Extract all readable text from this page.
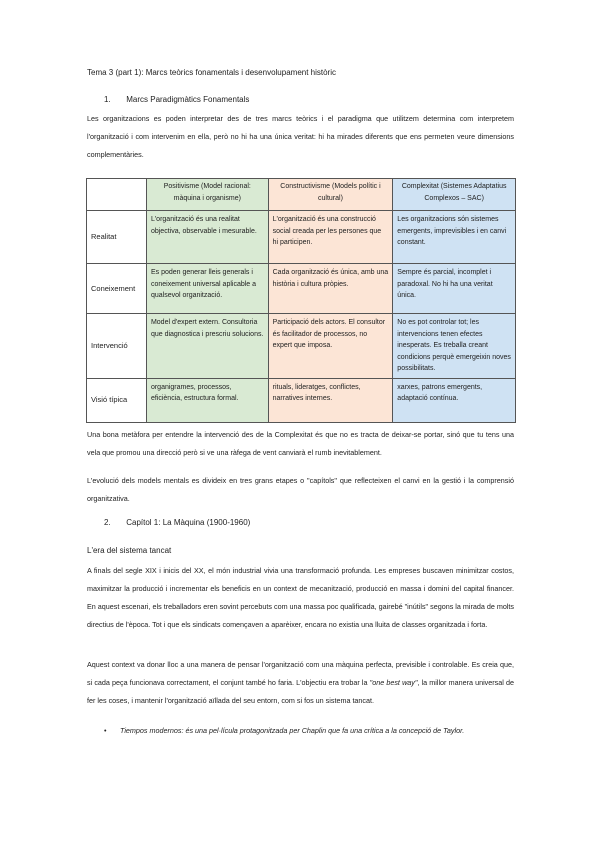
Tema 3 (part 1): Marcs teòrics fonamentals i desenvolupament històric
1. Marcs Paradigmàtics Fonamentals
Les organitzacions es poden interpretar des de tres marcs teòrics i el paradigma que utilitzem determina com interpretem l'organització i com intervenim en ella, però no hi ha una única veritat: hi ha mirades diferents que ens permeten veure dimensions complementàries.
	Positivisme (Model racional: màquina i organisme)	Constructivisme (Models polític i cultural)	Complexitat (Sistemes Adaptatius Complexos – SAC)
Realitat	L'organització és una realitat objectiva, observable i mesurable.	L'organització és una construcció social creada per les persones que hi participen.	Les organitzacions són sistemes emergents, imprevisibles i en canvi constant.
Coneixement	Es poden generar lleis generals i coneixement universal aplicable a qualsevol organització.	Cada organització és única, amb una història i cultura pròpies.	Sempre és parcial, incomplet i paradoxal. No hi ha una veritat única.
Intervenció	Model d'expert extern. Consultoria que diagnostica i prescriu solucions.	Participació dels actors. El consultor és facilitador de processos, no expert que imposa.	No es pot controlar tot; les intervencions tenen efectes inesperats. Es treballa creant condicions perquè emergeixin noves possibilitats.
Visió típica	organigrames, processos, eficiència, estructura formal.	rituals, lideratges, conflictes, narratives internes.	xarxes, patrons emergents, adaptació contínua.
Una bona metàfora per entendre la intervenció des de la Complexitat és que no es tracta de deixar-se portar, sinó que tu tens una vela que promou una direcció però si ve una ràfega de vent canviarà el rumb inevitablement.
L'evolució dels models mentals es divideix en tres grans etapes o "capítols" que reflecteixen el canvi en la gestió i la comprensió organitzativa.
2. Capítol 1: La Màquina (1900-1960)
L'era del sistema tancat
A finals del segle XIX i inicis del XX, el món industrial vivia una transformació profunda. Les empreses buscaven minimitzar costos, maximitzar la producció i incrementar els beneficis en un context de mecanització, producció en massa i domini del capital financer. En aquest escenari, els treballadors eren sovint percebuts com una massa poc qualificada, gairebé "inútils" segons la mirada de molts directius de l'època. Tot i que els sindicats començaven a aparèixer, encara no existia una lluita de classes organitzada i forta.
Aquest context va donar lloc a una manera de pensar l'organització com una màquina perfecta, previsible i controlable. Es creia que, si cada peça funcionava correctament, el conjunt també ho faria. L'objectiu era trobar la "one best way", la millor manera universal de fer les coses, i mantenir l'organització aïllada del seu entorn, com si fos un sistema tancat.
• Tiempos modernos: és una pel·lícula protagonitzada per Chaplin que fa una crítica a la concepció de Taylor.
